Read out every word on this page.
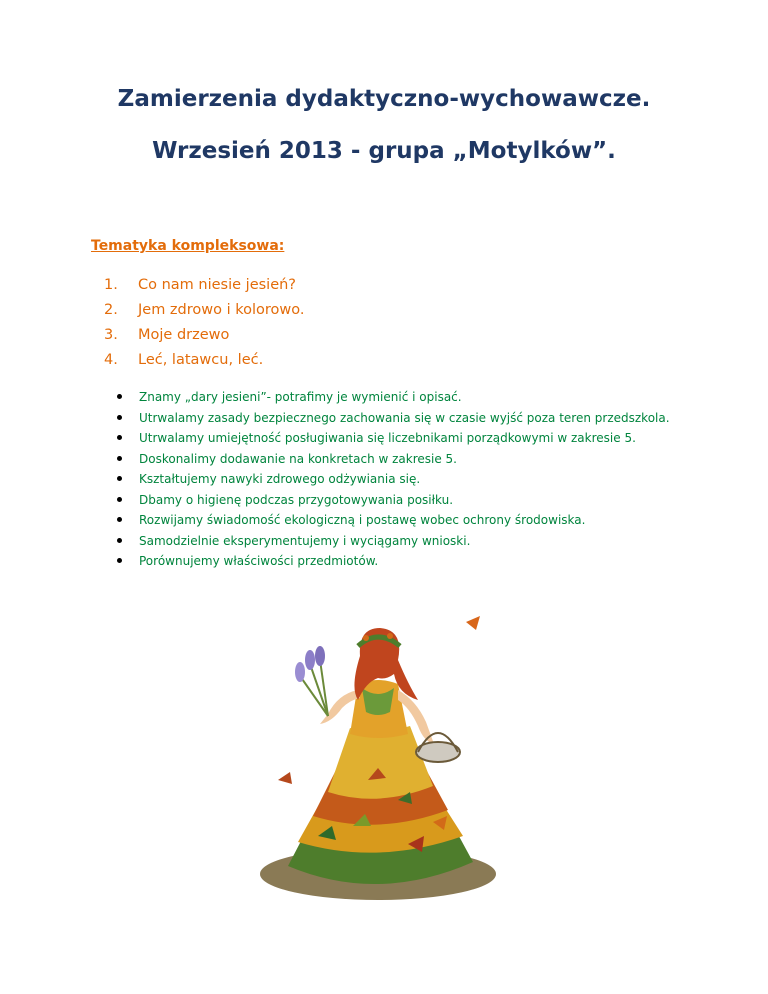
Zamierzenia dydaktyczno-wychowawcze.
Wrzesień 2013 - grupa „Motylków”.
Tematyka kompleksowa:
1.	Co nam niesie jesień?
2.	Jem zdrowo i kolorowo.
3.	Moje drzewo
4.	Leć, latawcu, leć.
Znamy „dary jesieni”- potrafimy je wymienić i opisać.
Utrwalamy zasady bezpiecznego zachowania się w czasie wyjść poza teren przedszkola.
Utrwalamy umiejętność posługiwania się liczebnikami porządkowymi w zakresie 5.
Doskonalimy dodawanie na konkretach w zakresie 5.
Kształtujemy nawyki zdrowego odżywiania się.
Dbamy o higienę podczas przygotowywania posiłku.
Rozwijamy świadomość ekologiczną i postawę wobec ochrony środowiska.
Samodzielnie eksperymentujemy i wyciągamy wnioski.
Porównujemy właściwości przedmiotów.
